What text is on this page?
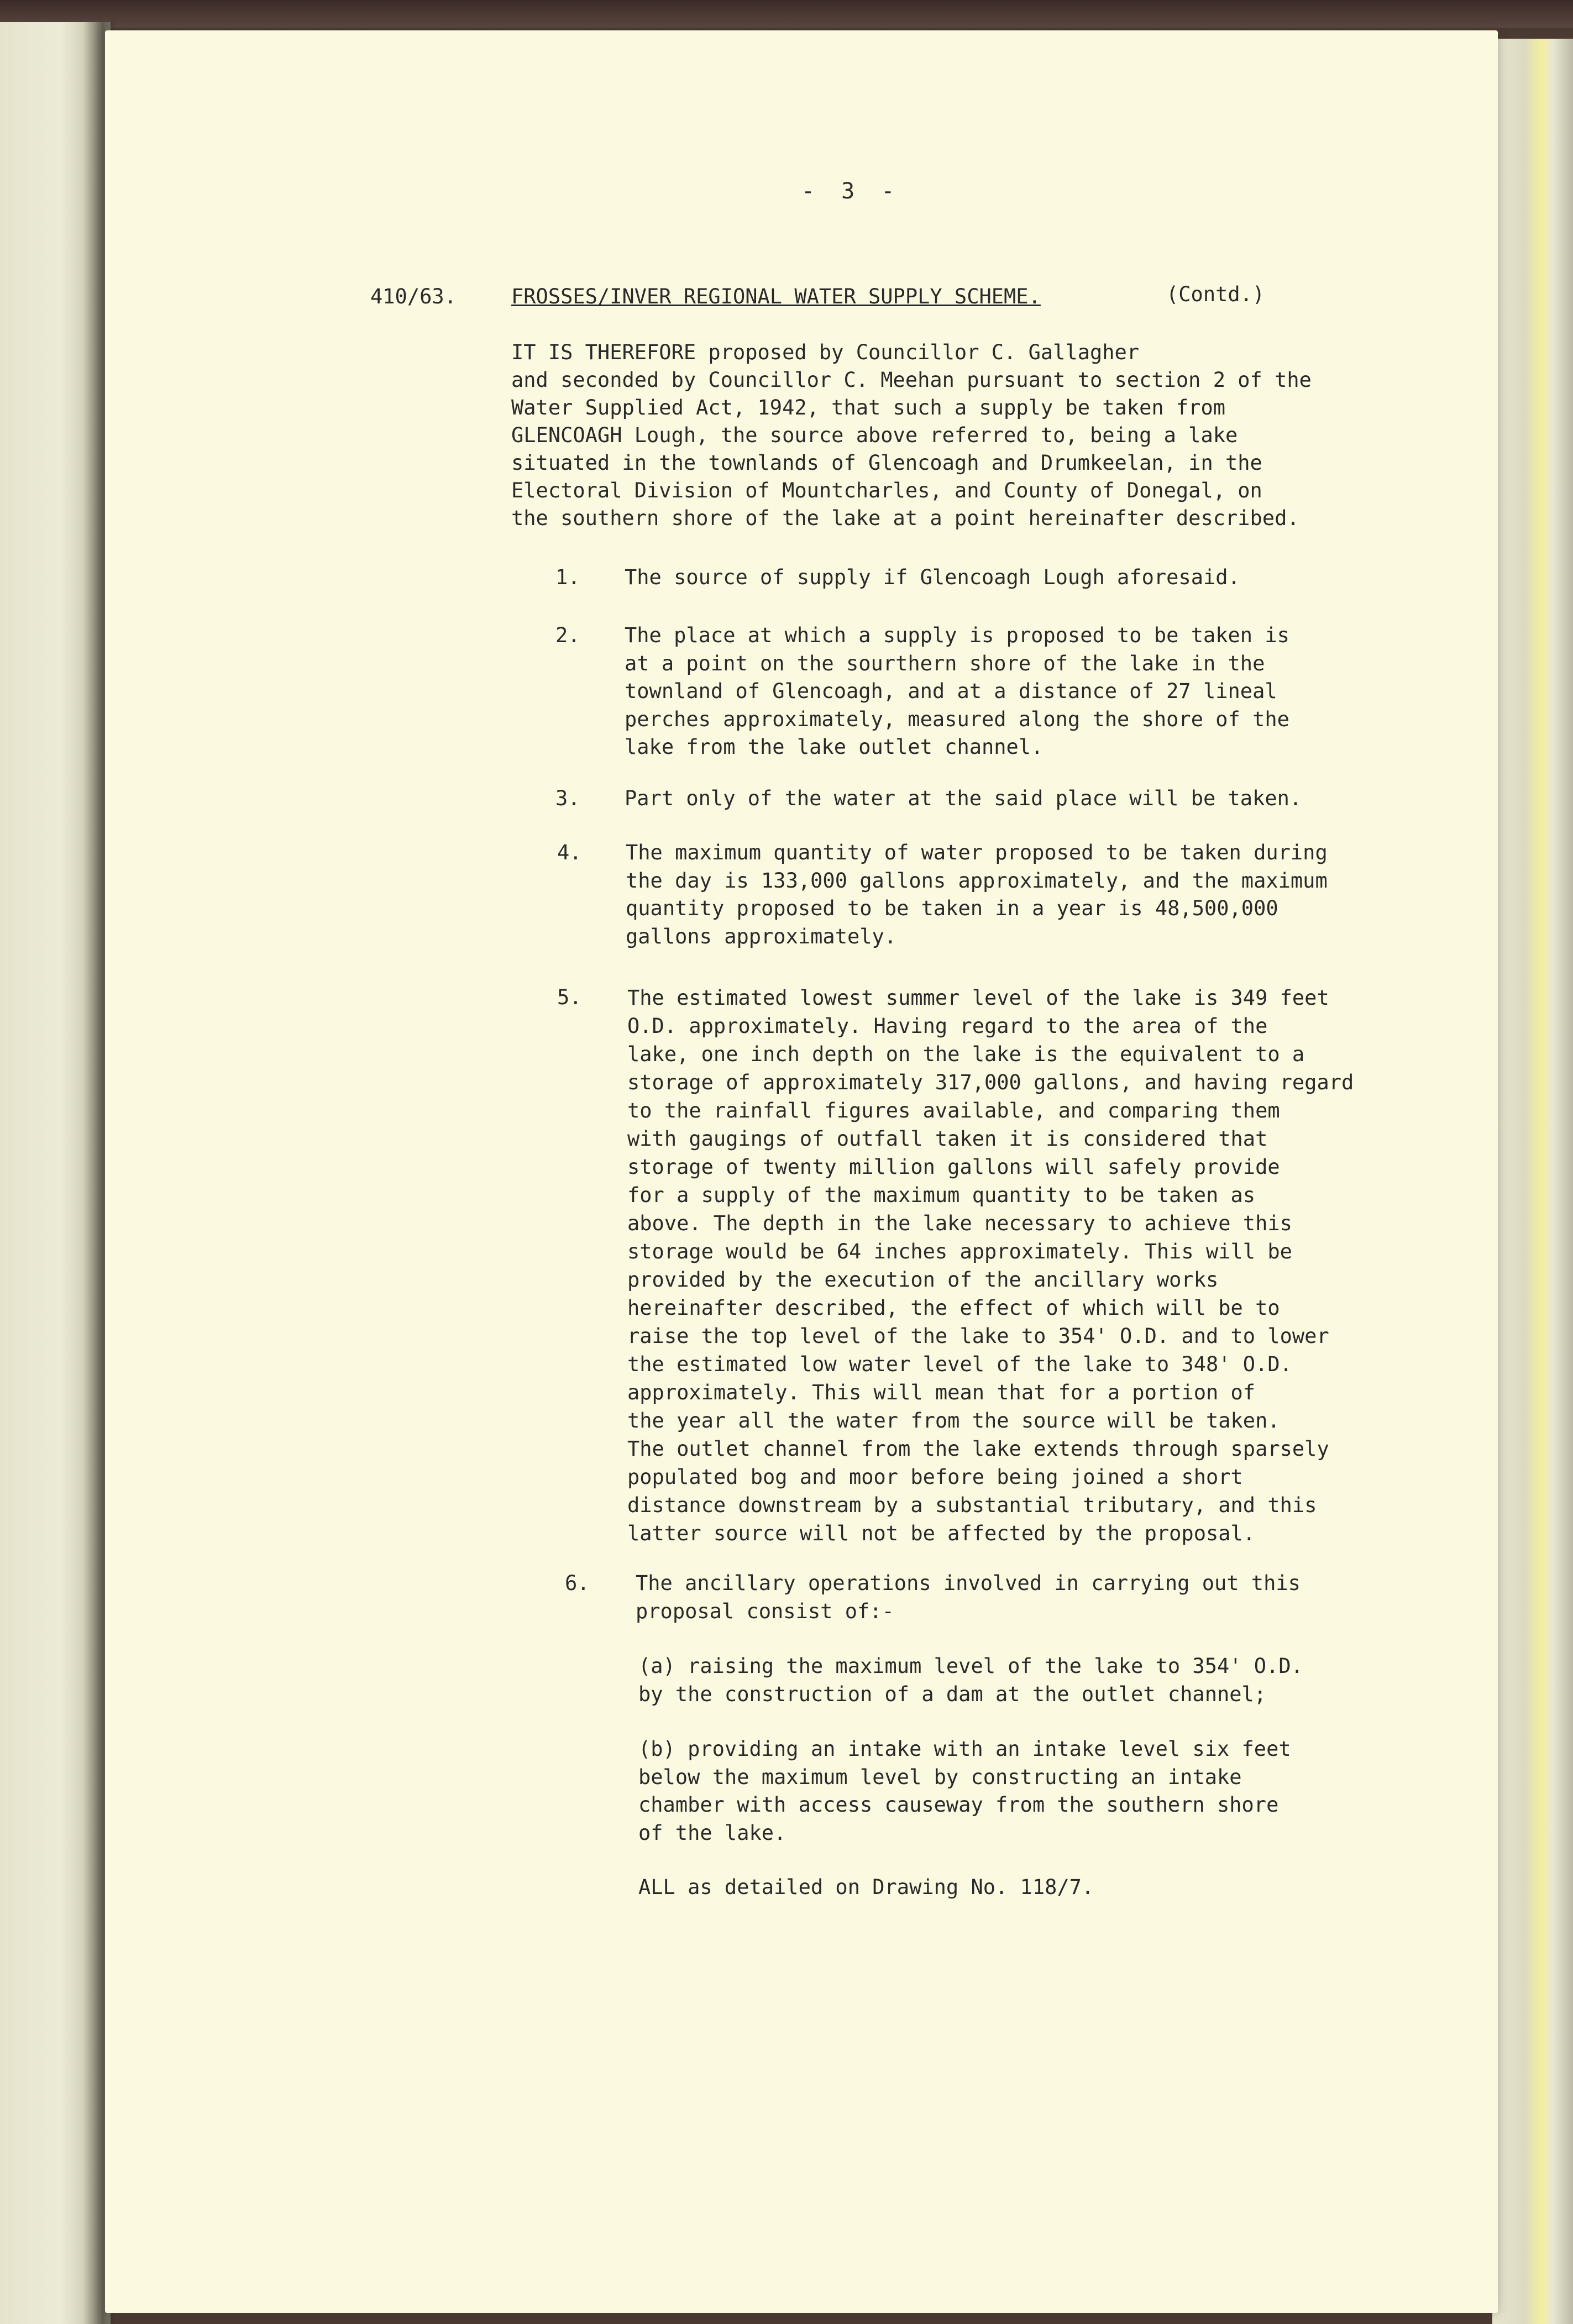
- 3 -
410/63.	FROSSES/INVER REGIONAL WATER SUPPLY SCHEME.	(Contd.)
IT IS THEREFORE proposed by Councillor C. Gallagher
and seconded by Councillor C. Meehan pursuant to section 2 of the
Water Supplied Act, 1942, that such a supply be taken from
GLENCOAGH Lough, the source above referred to, being a lake
situated in the townlands of Glencoagh and Drumkeelan, in the
Electoral Division of Mountcharles, and County of Donegal, on
the southern shore of the lake at a point hereinafter described.
1. The source of supply if Glencoagh Lough aforesaid.
2. The place at which a supply is proposed to be taken is
at a point on the sourthern shore of the lake in the
townland of Glencoagh, and at a distance of 27 lineal
perches approximately, measured along the shore of the
lake from the lake outlet channel.
3. Part only of the water at the said place will be taken.
4. The maximum quantity of water proposed to be taken during
the day is 133,000 gallons approximately, and the maximum
quantity proposed to be taken in a year is 48,500,000
gallons approximately.
5. The estimated lowest summer level of the lake is 349 feet
O.D. approximately. Having regard to the area of the
lake, one inch depth on the lake is the equivalent to a
storage of approximately 317,000 gallons, and having regard
to the rainfall figures available, and comparing them
with gaugings of outfall taken it is considered that
storage of twenty million gallons will safely provide
for a supply of the maximum quantity to be taken as
above. The depth in the lake necessary to achieve this
storage would be 64 inches approximately. This will be
provided by the execution of the ancillary works
hereinafter described, the effect of which will be to
raise the top level of the lake to 354' O.D. and to lower
the estimated low water level of the lake to 348' O.D.
approximately. This will mean that for a portion of
the year all the water from the source will be taken.
The outlet channel from the lake extends through sparsely
populated bog and moor before being joined a short
distance downstream by a substantial tributary, and this
latter source will not be affected by the proposal.
6. The ancillary operations involved in carrying out this
proposal consist of:-
(a) raising the maximum level of the lake to 354' O.D.
by the construction of a dam at the outlet channel;
(b) providing an intake with an intake level six feet
below the maximum level by constructing an intake
chamber with access causeway from the southern shore
of the lake.
ALL as detailed on Drawing No. 118/7.
